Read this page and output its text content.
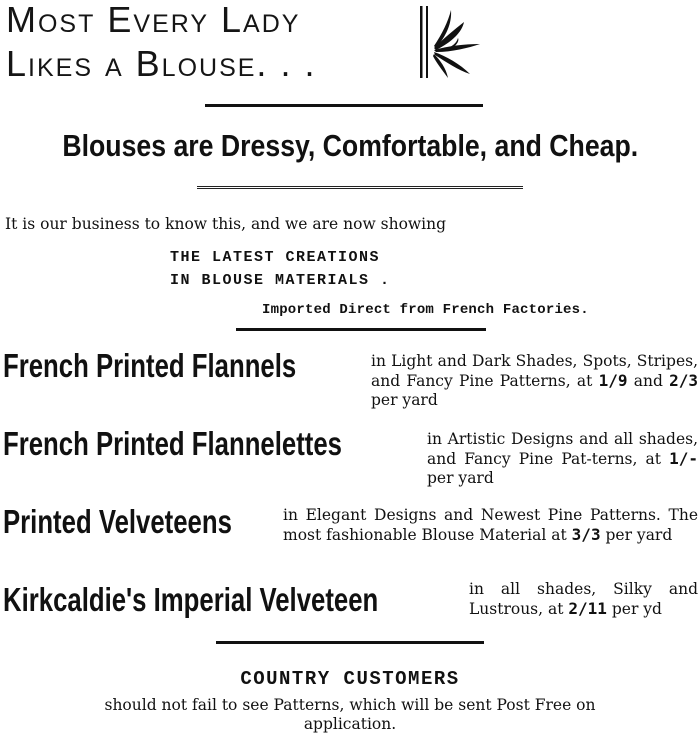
Most Every Lady
Likes a Blouse. . .
Blouses are Dressy, Comfortable, and Cheap.
It is our business to know this, and we are now showing
THE LATEST CREATIONS
IN BLOUSE MATERIALS .
Imported Direct from French Factories.
French Printed Flannels	in Light and Dark Shades, Spots, Stripes, and Fancy Pine Patterns, at 1/9 and 2/3 per yard
French Printed Flannelettes	in Artistic Designs and all shades, and Fancy Pine Pat-terns, at 1/- per yard
Printed Velveteens	in Elegant Designs and Newest Pine Patterns. The most fashionable Blouse Material at 3/3 per yard
Kirkcaldie's Imperial Velveteen	in all shades, Silky and Lustrous, at 2/11 per yd
COUNTRY CUSTOMERS
should not fail to see Patterns, which will be sent Post Free on application.
